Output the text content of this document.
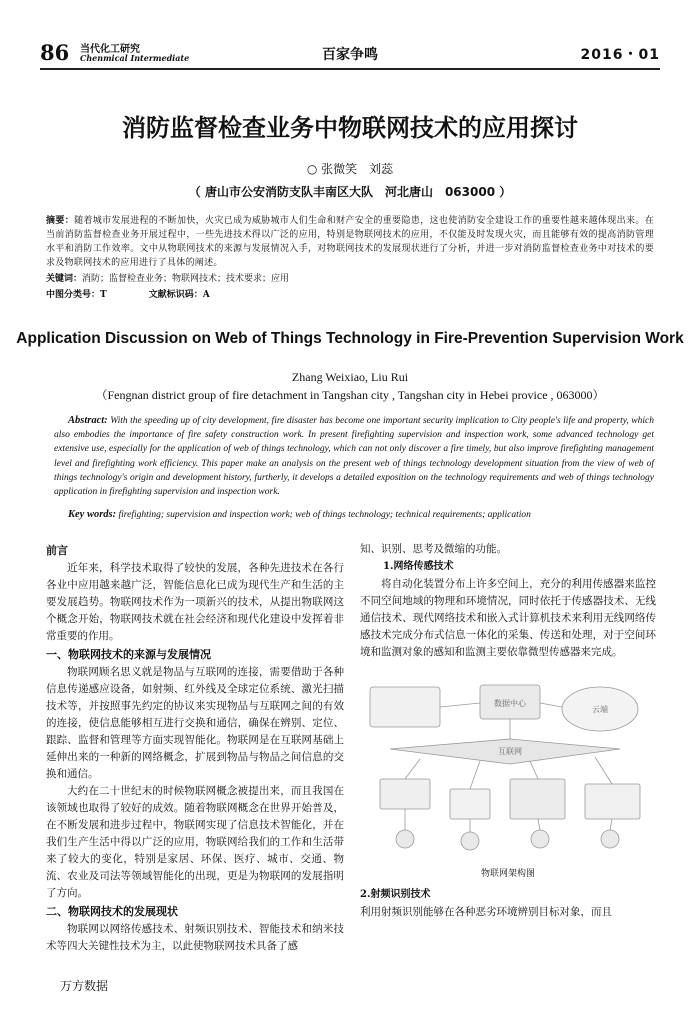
86 当代化工研究
Chenmical Intermediate	百家争鸣	2016・01
消防监督检查业务中物联网技术的应用探讨
○ 张微笑　刘蕊
（ 唐山市公安消防支队丰南区大队　河北唐山　063000 ）
摘要：随着城市发展进程的不断加快，火灾已成为威胁城市人们生命和财产安全的重要隐患，这也使消防安全建设工作的重要性越来越体现出来。在当前消防监督检查业务开展过程中，一些先进技术得以广泛的应用，特别是物联网技术的应用，不仅能及时发现火灾，而且能够有效的提高消防管理水平和消防工作效率。文中从物联网技术的来源与发展情况入手，对物联网技术的发展现状进行了分析，并进一步对消防监督检查业务中对技术的要求及物联网技术的应用进行了具体的阐述。
关键词：消防；监督检查业务；物联网技术；技术要求；应用
中图分类号：T	文献标识码：A
Application Discussion on Web of Things Technology in Fire-Prevention Supervision Work
Zhang Weixiao, Liu Rui
（Fengnan district group of fire detachment in Tangshan city , Tangshan city in Hebei provice , 063000）
Abstract: With the speeding up of city development, fire disaster has become one important security implication to City people's life and property, which also embodies the importance of fire safety construction work. In present firefighting supervision and inspection work, some advanced technology get extensive use, especially for the application of web of things technology, which can not only discover a fire timely, but also improve firefighting management level and firefighting work efficiency. This paper make an analysis on the present web of things technology development situation from the view of web of things technology's origin and development history, furtherly, it develops a detailed exposition on the technology requirements and web of things technology application in firefighting supervision and inspection work.
Key words: firefighting; supervision and inspection work; web of things technology; technical requirements; application
前言

近年来，科学技术取得了较快的发展，各种先进技术在各行各业中应用越来越广泛，智能信息化已成为现代生产和生活的主要发展趋势。物联网技术作为一项新兴的技术，从提出物联网这个概念开始，物联网技术就在社会经济和现代化建设中发挥着非常重要的作用。

一、物联网技术的来源与发展情况

物联网顾名思义就是物品与互联网的连接，需要借助于各种信息传递感应设备，如射频、红外线及全球定位系统、激光扫描技术等，并按照事先约定的协议来实现物品与互联网之间的有效的连接，使信息能够相互进行交换和通信，确保在辨别、定位、跟踪、监督和管理等方面实现智能化。物联网是在互联网基础上延伸出来的一种新的网络概念，扩展到物品与物品之间信息的交换和通信。

大约在二十世纪末的时候物联网概念被提出来，而且我国在该领域也取得了较好的成效。随着物联网概念在世界开始普及，在不断发展和进步过程中，物联网实现了信息技术智能化，并在我们生产生活中得以广泛的应用，物联网给我们的工作和生活带来了较大的变化，特别是家居、环保、医疗、城市、交通、物流、农业及司法等领域智能化的出现，更是为物联网的发展指明了方向。

二、物联网技术的发展现状

物联网以网络传感技术、射频识别技术、智能技术和纳米技术等四大关键性技术为主，以此使物联网技术具备了感

知、识别、思考及微缩的功能。

1.网络传感技术

将自动化装置分布上许多空间上，充分的利用传感器来监控不同空间地域的物理和环境情况，同时依托于传感器技术、无线通信技术、现代网络技术和嵌入式计算机技术来利用无线网络传感技术完成分布式信息一体化的采集、传送和处理，对于空间环境和监测对象的感知和监测主要依靠微型传感器来完成。

数据中心
云端
互联网
物联网架构图
2.射频识别技术

利用射频识别能够在各种恶劣环境辨别目标对象，而且

万方数据
